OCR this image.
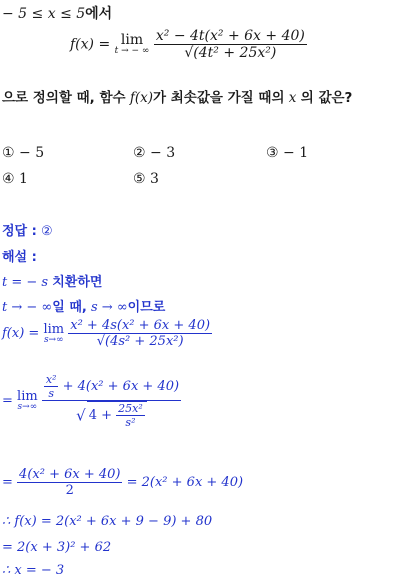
− 5 ≤ x ≤ 5에서
f(x) = lim
t → − ∞
$\frac{\text{x² − 4t(x² + 6x + 40)}}{\text{√(4t² + 25x²)}}$
으로 정의할 때, 함수 f(x)가 최솟값을 가질 때의 x 의 값은?
① − 5	② − 3	③ − 1
④ 1	⑤ 3
정답 : ②
해설 :
t = − s 치환하면
t → − ∞일 때, s → ∞이므로
f(x) = lim
s→∞
$\frac{\text{x² + 4s(x² + 6x + 40)}}{\text{√(4s² + 25x²)}}$
= lim
s→∞
$\frac{\frac{\text{x²}}{s} + 4(x^2 + 6x + 40)}{√ 4 + \frac{\text{25x²}}{\text{s²}}}$
= $\frac{\text{4(x² + 6x + 40)}}{2} = 2(x^2 + 6x + 40)$
∴ f(x) = 2(x² + 6x + 9 − 9) + 80
= 2(x + 3)² + 62
∴ x = − 3
